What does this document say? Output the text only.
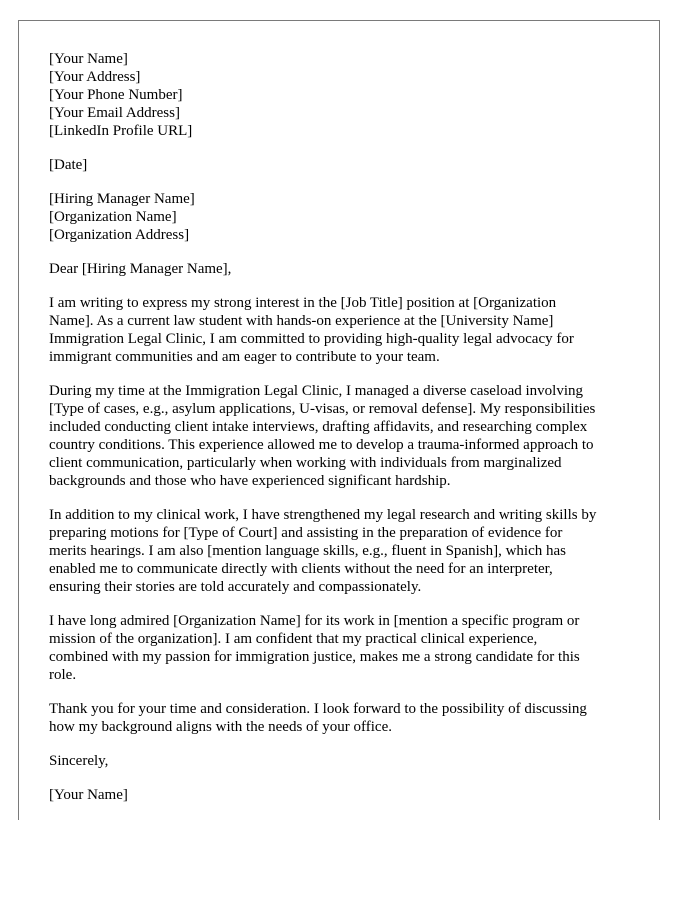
[Your Name]
[Your Address]
[Your Phone Number]
[Your Email Address]
[LinkedIn Profile URL]
[Date]
[Hiring Manager Name]
[Organization Name]
[Organization Address]

Dear [Hiring Manager Name],

I am writing to express my strong interest in the [Job Title] position at [Organization
Name]. As a current law student with hands-on experience at the [University Name]
Immigration Legal Clinic, I am committed to providing high-quality legal advocacy for
immigrant communities and am eager to contribute to your team.

During my time at the Immigration Legal Clinic, I managed a diverse caseload involving
[Type of cases, e.g., asylum applications, U-visas, or removal defense]. My responsibilities
included conducting client intake interviews, drafting affidavits, and researching complex
country conditions. This experience allowed me to develop a trauma-informed approach to
client communication, particularly when working with individuals from marginalized
backgrounds and those who have experienced significant hardship.

In addition to my clinical work, I have strengthened my legal research and writing skills by
preparing motions for [Type of Court] and assisting in the preparation of evidence for
merits hearings. I am also [mention language skills, e.g., fluent in Spanish], which has
enabled me to communicate directly with clients without the need for an interpreter,
ensuring their stories are told accurately and compassionately.

I have long admired [Organization Name] for its work in [mention a specific program or
mission of the organization]. I am confident that my practical clinical experience,
combined with my passion for immigration justice, makes me a strong candidate for this
role.

Thank you for your time and consideration. I look forward to the possibility of discussing
how my background aligns with the needs of your office.

Sincerely,

[Your Name]
